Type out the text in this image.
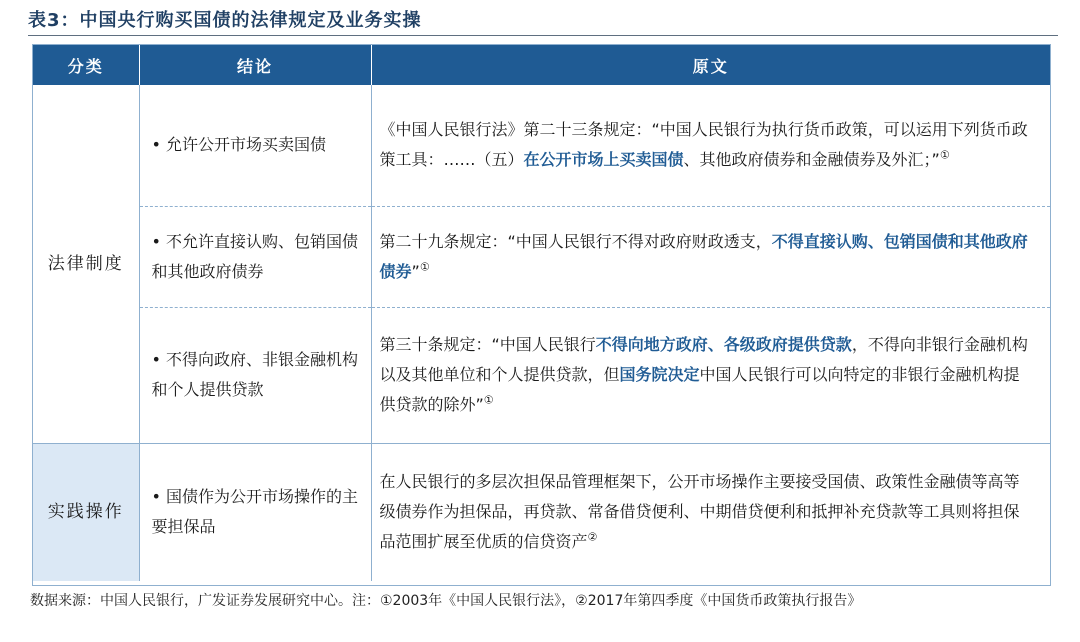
表3：中国央行购买国债的法律规定及业务实操
分类	结论	原文
法律制度	• 允许公开市场买卖国债	《中国人民银行法》第二十三条规定：“中国人民银行为执行货币政策，可以运用下列货币政策工具：……（五）在公开市场上买卖国债、其他政府债券和金融债券及外汇；”①
	• 不允许直接认购、包销国债和其他政府债券	第二十九条规定：“中国人民银行不得对政府财政透支，不得直接认购、包销国债和其他政府债券”①
	• 不得向政府、非银金融机构和个人提供贷款	第三十条规定：“中国人民银行不得向地方政府、各级政府提供贷款，不得向非银行金融机构以及其他单位和个人提供贷款，但国务院决定中国人民银行可以向特定的非银行金融机构提供贷款的除外”①
实践操作	• 国债作为公开市场操作的主要担保品	在人民银行的多层次担保品管理框架下，公开市场操作主要接受国债、政策性金融债等高等级债券作为担保品，再贷款、常备借贷便利、中期借贷便利和抵押补充贷款等工具则将担保品范围扩展至优质的信贷资产②
数据来源：中国人民银行，广发证券发展研究中心。注：①2003年《中国人民银行法》，②2017年第四季度《中国货币政策执行报告》
